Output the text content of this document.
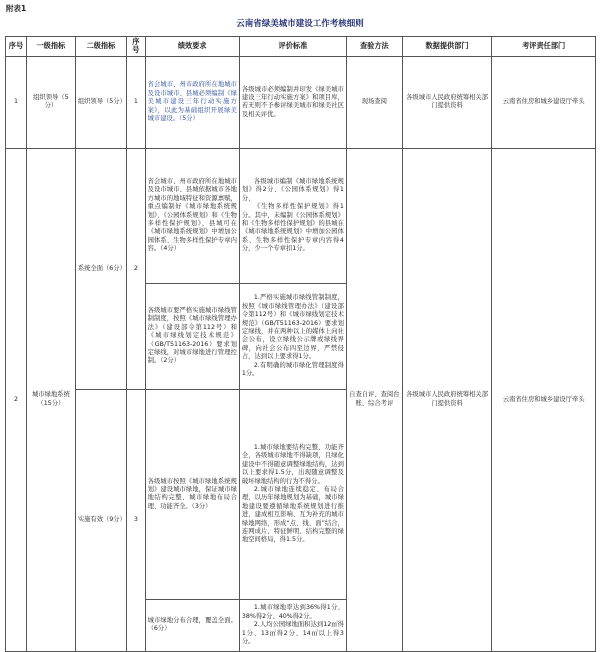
附表1
云南省绿美城市建设工作考核细则
序号	一级指标	二级指标	序号	绩效要求	评价标准	查验方法	数据提供部门	考评责任部门
1	组织领导（5分）	组织领导（5分）	1	省会城市、州市政府所在地城市及设市城市、县城必须编制《绿美城市建设三年行动实施方案》，以此为基础组织开展绿美城市建设。（5分）	各级城市必须编制并印发《绿美城市建设三年行动实施方案》和项目库，若无则不予参评绿美城市和绿美社区及相关评优。	现场查阅	各级城市人民政府统筹相关部门提供资料	云南省住房和城乡建设厅牵头
2	城市绿地系统（15分）	系统全面（6分）	2	省会城市、州市政府所在地城市及设市城市、县城依据城市各地方城市的地域特征和资源禀赋，重点编制好《城市绿地系统规划》、《公园体系规划》和《生物多样性保护规划》，县城可在《城市绿地系统规划》中增加公园体系、生物多样性保护专章内容。（4分）	各级城市编制《城市绿地系统规划》得2分、《公园体系规划》得1分、

《生物多样性保护规划》得1分。其中，未编制《公园体系规划》和《生物多样性保护规划》的县城在《城市绿地系统规划》中增加公园体系、生物多样性保护专章内容得4分，少一个专章扣1分。	自查自评、查阅台账、综合考评	各级城市人民政府统筹相关部门提供资料	云南省住房和城乡建设厅牵头
				各级城市要严格实施城市绿线管制制度，按照《城市绿线管理办法》（建设部令第112号）和《城市绿线划定技术规范》（GB/T51163-2016）要求划定绿线，对城市绿地进行管理控制。（2分）	1.严格实施城市绿线管制制度，按照《城市绿线管理办法》（建设部令第112号）和《城市绿线划定技术规范》（GB/T51163-2016）要求划定绿线，并在两种以上的媒体上向社会公布，设立绿线公示牌或绿线界碑，向社会公布四至边界，严禁侵占，达到以上要求得1分。

2.有明确的城市绿化管理制度得1分。			

		实施有效（9分）	3	各级城市按照《城市绿地系统规划》建设城市绿地，保证城市绿地结构完整、城市绿地布局合理、功能齐全。（3分）	1.城市绿地要结构完整、功能齐全，各级城市绿地不得缺项，且绿化建设中不得随意调整绿地结构，达到以上要求得1.5分，出现随意调整及破坏绿地结构的行为不得分。

2.城市绿地连续稳定、布局合理，以历年绿地规划为基础，城市绿地建设要遵循绿地系统规划进行推进，建成相互影响、互为补充的城市绿地网络，形成“点、线、面”结合，连网成片、特征鲜明、结构完整的绿地空间格局，得1.5分。			

				城市绿地分布合理，覆盖全面。（6分）	1.城市绿地率达到36%得1分、38%得2分、40%得2分。

2.人均公园绿地面积达到12㎡得1分、13㎡得2分、14㎡以上得3分。			
